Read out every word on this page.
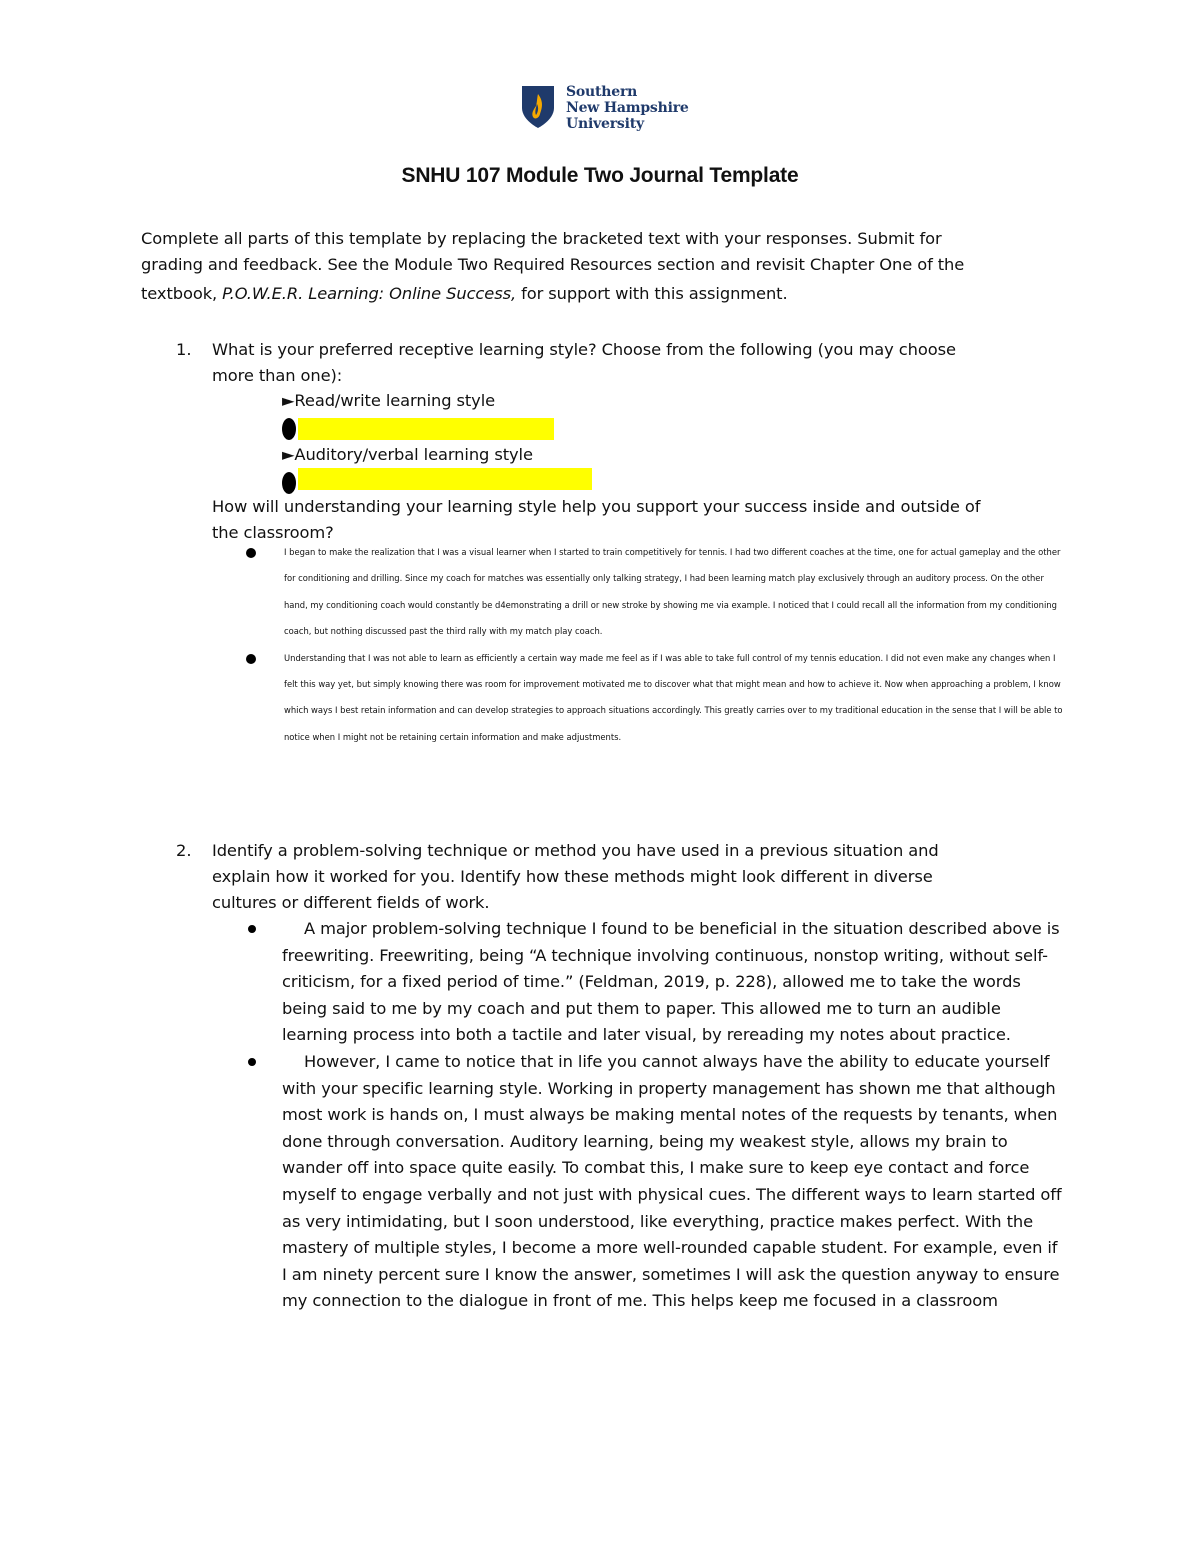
Southern
New Hampshire
University
SNHU 107 Module Two Journal Template
Complete all parts of this template by replacing the bracketed text with your responses. Submit for
grading and feedback. See the Module Two Required Resources section and revisit Chapter One of the
textbook, P.O.W.E.R. Learning: Online Success, for support with this assignment.
1. What is your preferred receptive learning style? Choose from the following (you may choose
more than one):
►Read/write learning style
►Auditory/verbal learning style
How will understanding your learning style help you support your success inside and outside of
the classroom?
I began to make the realization that I was a visual learner when I started to train competitively for tennis. I had two different coaches at the time, one for actual gameplay and the other for conditioning and drilling. Since my coach for matches was essentially only talking strategy, I had been learning match play exclusively through an auditory process. On the other hand, my conditioning coach would constantly be d4emonstrating a drill or new stroke by showing me via example. I noticed that I could recall all the information from my conditioning coach, but nothing discussed past the third rally with my match play coach.
Understanding that I was not able to learn as efficiently a certain way made me feel as if I was able to take full control of my tennis education. I did not even make any changes when I felt this way yet, but simply knowing there was room for improvement motivated me to discover what that might mean and how to achieve it. Now when approaching a problem, I know which ways I best retain information and can develop strategies to approach situations accordingly. This greatly carries over to my traditional education in the sense that I will be able to notice when I might not be retaining certain information and make adjustments.
2. Identify a problem-solving technique or method you have used in a previous situation and
explain how it worked for you. Identify how these methods might look different in diverse
cultures or different fields of work.
A major problem-solving technique I found to be beneficial in the situation described above is freewriting. Freewriting, being “A technique involving continuous, nonstop writing, without self-criticism, for a fixed period of time.” (Feldman, 2019, p. 228), allowed me to take the words being said to me by my coach and put them to paper. This allowed me to turn an audible learning process into both a tactile and later visual, by rereading my notes about practice.
However, I came to notice that in life you cannot always have the ability to educate yourself with your specific learning style. Working in property management has shown me that although most work is hands on, I must always be making mental notes of the requests by tenants, when done through conversation. Auditory learning, being my weakest style, allows my brain to wander off into space quite easily. To combat this, I make sure to keep eye contact and force myself to engage verbally and not just with physical cues. The different ways to learn started off as very intimidating, but I soon understood, like everything, practice makes perfect. With the mastery of multiple styles, I become a more well-rounded capable student. For example, even if I am ninety percent sure I know the answer, sometimes I will ask the question anyway to ensure my connection to the dialogue in front of me. This helps keep me focused in a classroom
